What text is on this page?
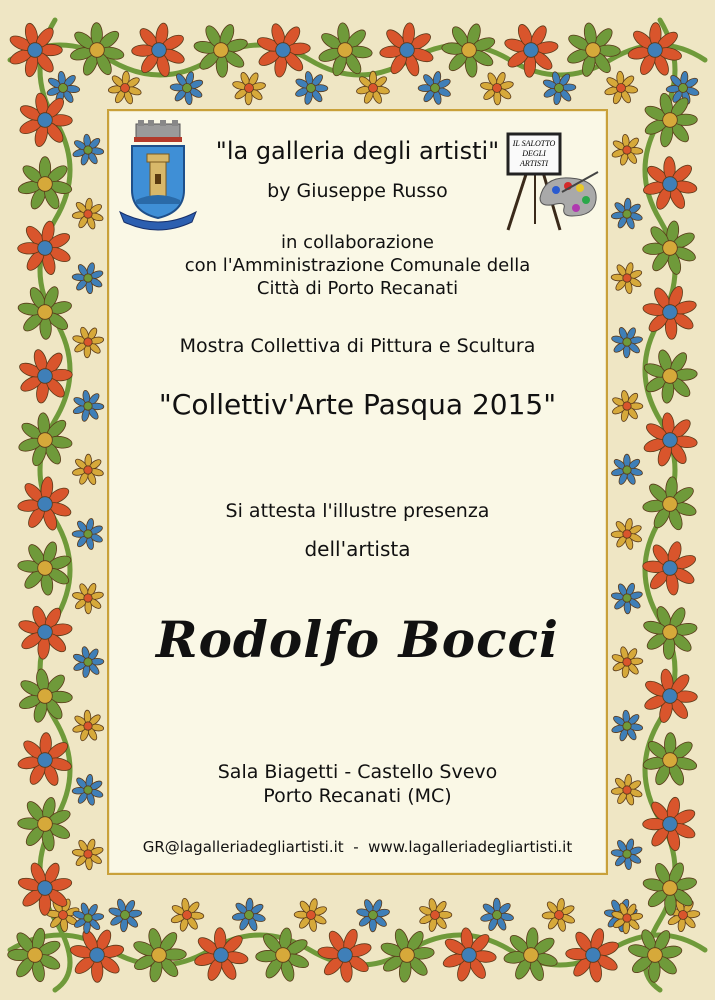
IL SALOTTO
DEGLI
ARTISTI
"la galleria degli artisti"
by Giuseppe Russo
in collaborazione
con l'Amministrazione Comunale della
Città di Porto Recanati
Mostra Collettiva di Pittura e Scultura
"Collettiv'Arte Pasqua 2015"
Si attesta l'illustre presenza
dell'artista
Rodolfo Bocci
Sala Biagetti - Castello Svevo
Porto Recanati (MC)
GR@lagalleriadegliartisti.it  -  www.lagalleriadegliartisti.it
